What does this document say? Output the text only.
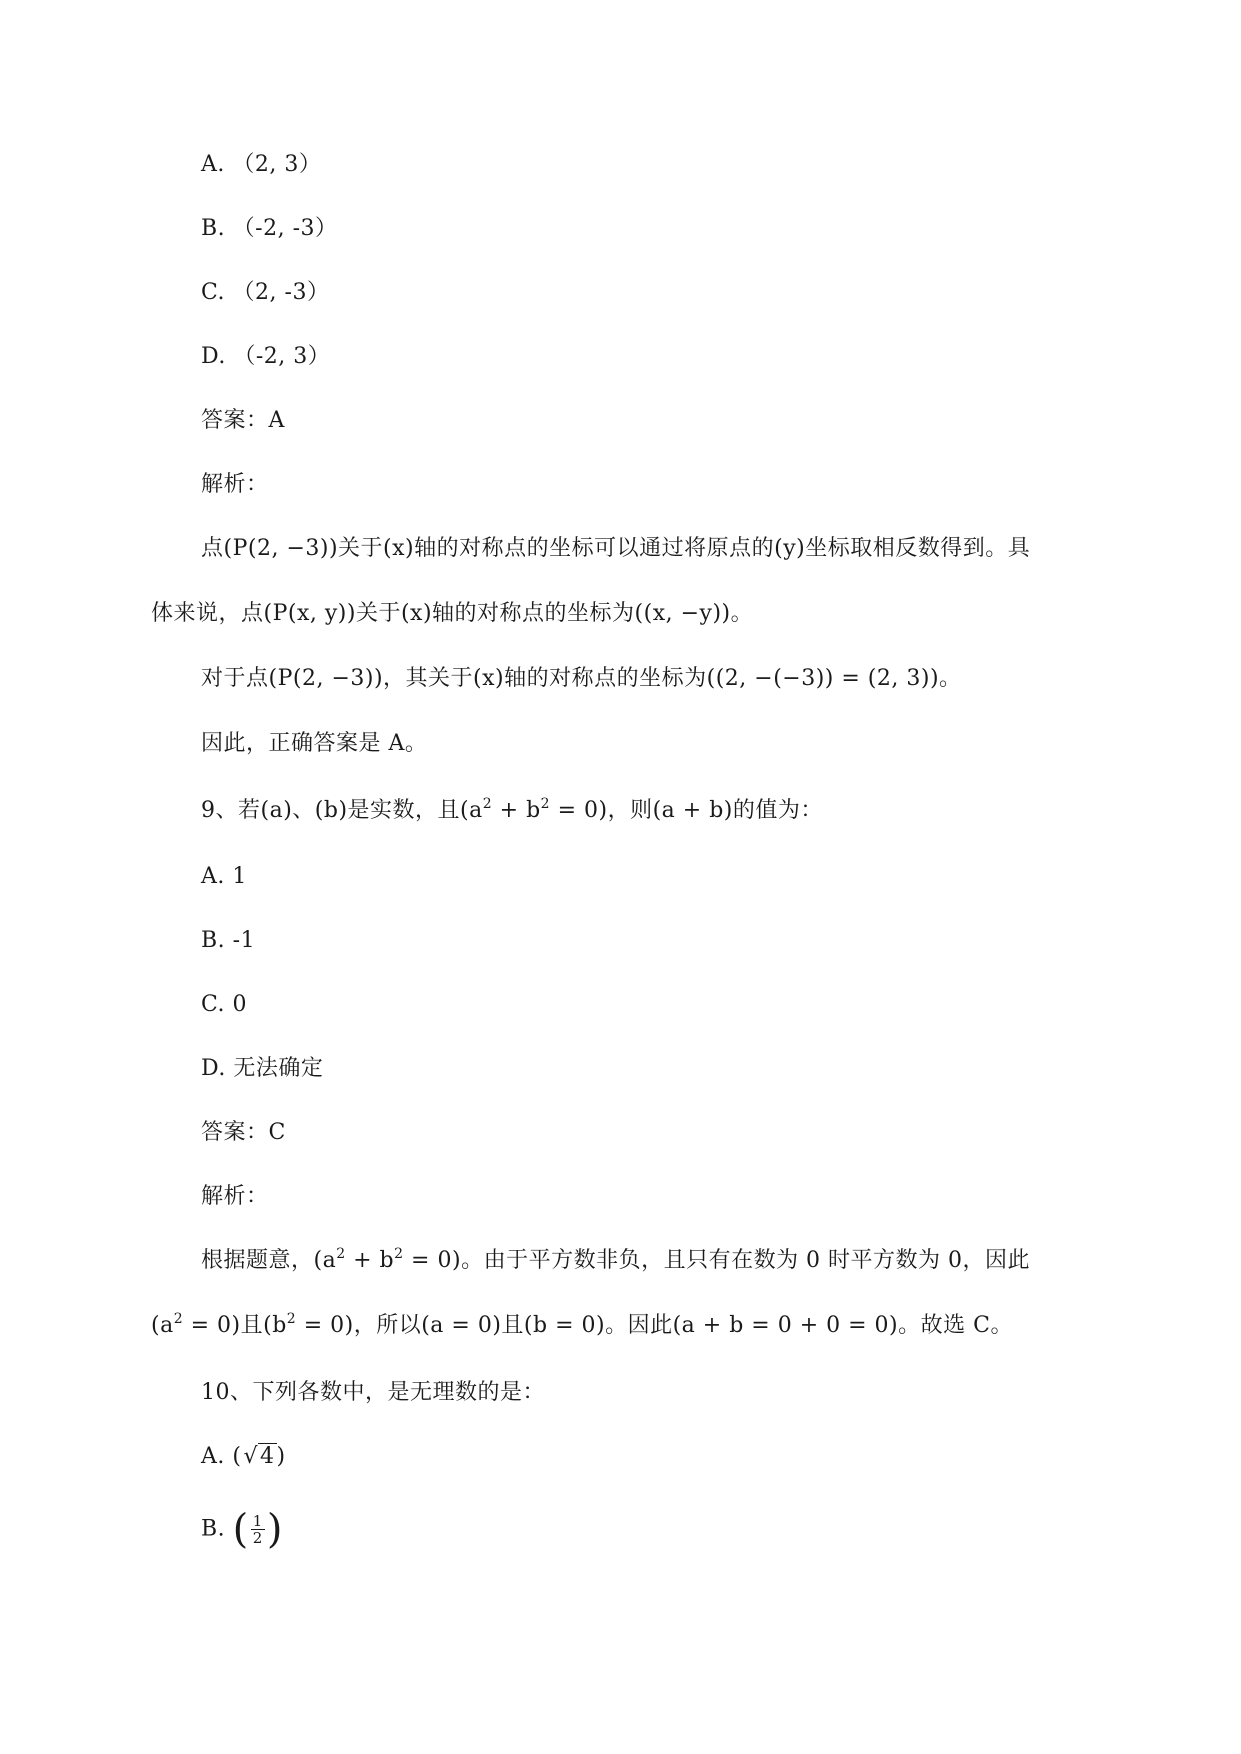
A. （2, 3）
B. （-2, -3）
C. （2, -3）
D. （-2, 3）
答案：A
解析：
点(P(2, −3))关于(x)轴的对称点的坐标可以通过将原点的(y)坐标取相反数得到。具
体来说，点(P(x, y))关于(x)轴的对称点的坐标为((x, −y))。
对于点(P(2, −3))，其关于(x)轴的对称点的坐标为((2, −(−3)) = (2, 3))。
因此，正确答案是 A。
9、若(a)、(b)是实数，且$(a^2 + b^2 = 0)$，则(a + b)的值为：
A. 1
B. -1
C. 0
D. 无法确定
答案：C
解析：
根据题意，$(a^2 + b^2 = 0)$。由于平方数非负，且只有在数为 0 时平方数为 0，因此
$(a^2 = 0)$且$(b^2 = 0)$，所以(a = 0)且(b = 0)。因此(a + b = 0 + 0 = 0)。故选 C。
10、下列各数中，是无理数的是：
A. (√4)
B. ( $\frac{1}{2}$ )
